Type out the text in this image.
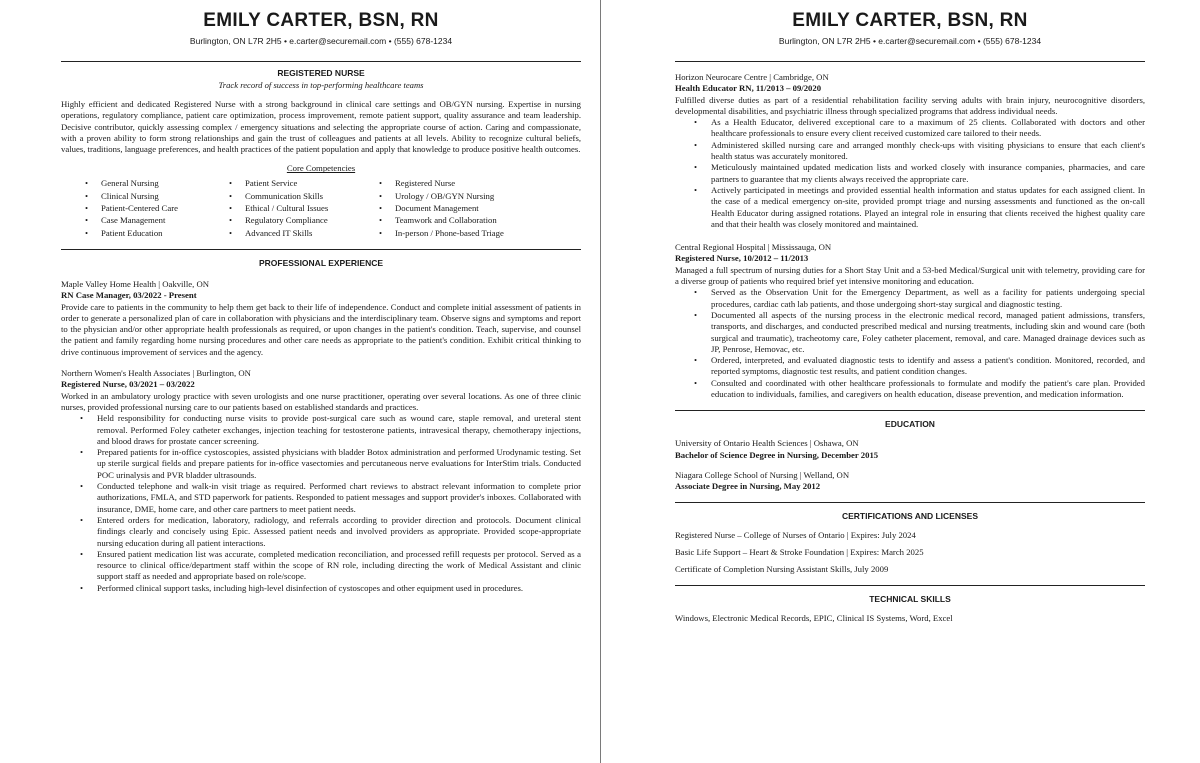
EMILY CARTER, BSN, RN
Burlington, ON L7R 2H5 • e.carter@securemail.com • (555) 678-1234
REGISTERED NURSE
Track record of success in top-performing healthcare teams

Highly efficient and dedicated Registered Nurse with a strong background in clinical care settings and OB/GYN nursing. Expertise in nursing operations, regulatory compliance, patient care optimization, process improvement, remote patient support, quality assurance and team leadership. Decisive contributor, quickly assessing complex / emergency situations and selecting the appropriate course of action. Caring and compassionate, with a proven ability to form strong relationships and gain the trust of colleagues and patients at all levels. Ability to recognize cultural beliefs, values, traditions, language preferences, and health practices of the patient population and apply that knowledge to produce positive health outcomes.

Core Competencies
• General Nursing
• Clinical Nursing
• Patient-Centered Care
• Case Management
• Patient Education
• Patient Service
• Communication Skills
• Ethical / Cultural Issues
• Regulatory Compliance
• Advanced IT Skills
• Registered Nurse
• Urology / OB/GYN Nursing
• Document Management
• Teamwork and Collaboration
• In-person / Phone-based Triage
PROFESSIONAL EXPERIENCE
Maple Valley Home Health | Oakville, ON
RN Case Manager, 03/2022 - Present

Provide care to patients in the community to help them get back to their life of independence. Conduct and complete initial assessment of patients in order to generate a personalized plan of care in collaboration with physicians and the interdisciplinary team. Observe signs and symptoms and report to the physician and/or other appropriate health professionals as required, or upon changes in the patient's condition. Teach, supervise, and counsel the patient and family regarding home nursing procedures and other care needs as appropriate to the patient's condition. Exhibit critical thinking to drive continuous improvement of services and the agency.

Northern Women's Health Associates | Burlington, ON
Registered Nurse, 03/2021 – 03/2022

Worked in an ambulatory urology practice with seven urologists and one nurse practitioner, operating over several locations. As one of three clinic nurses, provided professional nursing care to our patients based on established standards and practices.

• Held responsibility for conducting nurse visits to provide post-surgical care such as wound care, staple removal, and ureteral stent removal. Performed Foley catheter exchanges, injection teaching for testosterone patients, intravesical therapy, chemotherapy injections, and blood draws for prostate cancer screening.
• Prepared patients for in-office cystoscopies, assisted physicians with bladder Botox administration and performed Urodynamic testing. Set up sterile surgical fields and prepare patients for in-office vasectomies and percutaneous nerve evaluations for InterStim trials. Conducted POC urinalysis and PVR bladder ultrasounds.
• Conducted telephone and walk-in visit triage as required. Performed chart reviews to abstract relevant information to complete prior authorizations, FMLA, and STD paperwork for patients. Responded to patient messages and support provider's inboxes. Collaborated with insurance, DME, home care, and other care partners to meet patient needs.
• Entered orders for medication, laboratory, radiology, and referrals according to provider direction and protocols. Document clinical findings clearly and concisely using Epic. Assessed patient needs and involved providers as appropriate. Provided scope-appropriate nursing education during all patient interactions.
• Ensured patient medication list was accurate, completed medication reconciliation, and processed refill requests per protocol. Served as a resource to clinical office/department staff within the scope of RN role, including directing the work of Medical Assistant and clinic support staff as needed and appropriate based on role/scope.
• Performed clinical support tasks, including high-level disinfection of cystoscopes and other equipment used in procedures.
EMILY CARTER, BSN, RN
Burlington, ON L7R 2H5 • e.carter@securemail.com • (555) 678-1234
Horizon Neurocare Centre | Cambridge, ON
Health Educator RN, 11/2013 – 09/2020

Fulfilled diverse duties as part of a residential rehabilitation facility serving adults with brain injury, neurocognitive disorders, developmental disabilities, and psychiatric illness through specialized programs that address individual needs.

• As a Health Educator, delivered exceptional care to a maximum of 25 clients. Collaborated with doctors and other healthcare professionals to ensure every client received customized care tailored to their needs.
• Administered skilled nursing care and arranged monthly check-ups with visiting physicians to ensure that each client's health status was accurately monitored.
• Meticulously maintained updated medication lists and worked closely with insurance companies, pharmacies, and care partners to guarantee that my clients always received the appropriate care.
• Actively participated in meetings and provided essential health information and status updates for each assigned client. In the case of a medical emergency on-site, provided prompt triage and nursing assessments and functioned as the on-call Health Educator during assigned rotations. Played an integral role in ensuring that clients received the highest quality care and that their health was closely monitored and maintained.
Central Regional Hospital | Mississauga, ON
Registered Nurse, 10/2012 – 11/2013

Managed a full spectrum of nursing duties for a Short Stay Unit and a 53-bed Medical/Surgical unit with telemetry, providing care for a diverse group of patients who required brief yet intensive monitoring and education.

• Served as the Observation Unit for the Emergency Department, as well as a facility for patients undergoing special procedures, cardiac cath lab patients, and those undergoing short-stay surgical and diagnostic testing.
• Documented all aspects of the nursing process in the electronic medical record, managed patient admissions, transfers, transports, and discharges, and conducted prescribed medical and nursing treatments, including skin and wound care (both surgical and traumatic), tracheotomy care, Foley catheter placement, removal, and care. Managed drainage devices such as JP, Penrose, Hemovac, etc.
• Ordered, interpreted, and evaluated diagnostic tests to identify and assess a patient's condition. Monitored, recorded, and reported symptoms, diagnostic test results, and patient condition changes.
• Consulted and coordinated with other healthcare professionals to formulate and modify the patient's care plan. Provided education to individuals, families, and caregivers on health education, disease prevention, and medication information.
EDUCATION
University of Ontario Health Sciences | Oshawa, ON
Bachelor of Science Degree in Nursing, December 2015
Niagara College School of Nursing | Welland, ON
Associate Degree in Nursing, May 2012
CERTIFICATIONS AND LICENSES
Registered Nurse – College of Nurses of Ontario | Expires: July 2024
Basic Life Support – Heart & Stroke Foundation | Expires: March 2025
Certificate of Completion Nursing Assistant Skills, July 2009
TECHNICAL SKILLS
Windows, Electronic Medical Records, EPIC, Clinical IS Systems, Word, Excel
